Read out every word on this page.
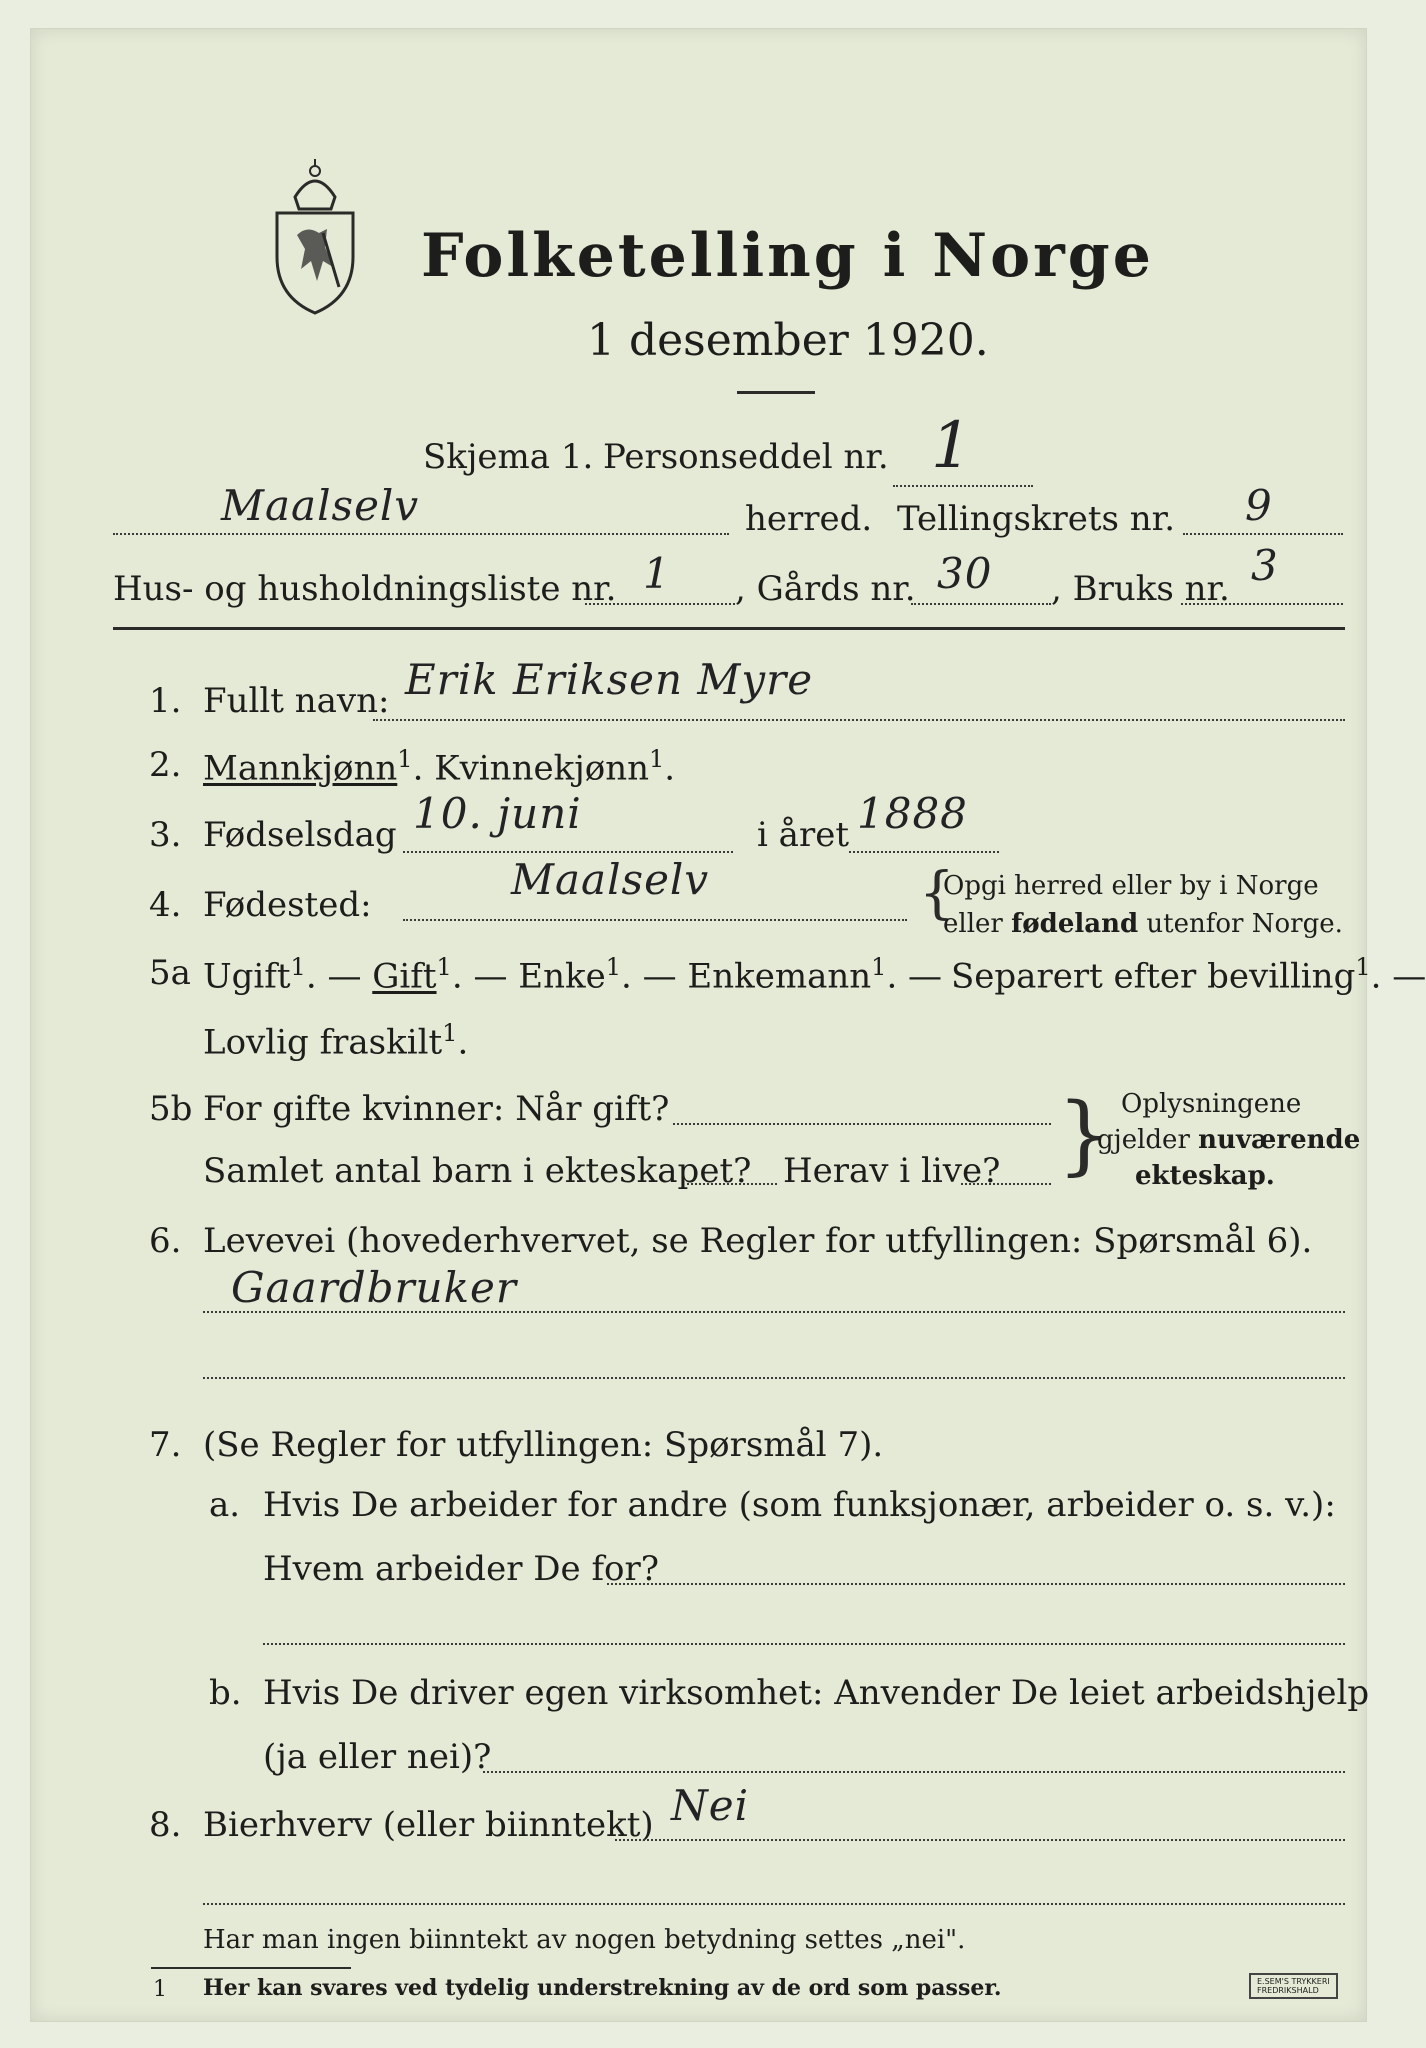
Folketelling i Norge
1 desember 1920.
Skjema 1. Personseddel nr. 1
Maalselv	herred. Tellingskrets nr. 9
Hus- og husholdningsliste nr. 1 , Gårds nr. 30 , Bruks nr. 3
1. Fullt navn: Erik Eriksen Myre
2. Mannkjønn$^1$. Kvinnekjønn$^1$.
3. Fødselsdag 10. juni	i året 1888
4. Fødested:
Maalselv	{
Opgi herred eller by i Norge
eller fødeland utenfor Norge.
5a Ugift$^1$. — Gift$^1$. — Enke$^1$. — Enkemann$^1$. — Separert efter bevilling$^1$. —
Lovlig fraskilt$^1$.
5b For gifte kvinner: Når gift?
Samlet antal barn i ekteskapet? Herav i live? } Oplysningene
gjelder nuværende
ekteskap.
6. Levevei (hovederhvervet, se Regler for utfyllingen: Spørsmål 6).
Gaardbruker
7. (Se Regler for utfyllingen: Spørsmål 7).
a. Hvis De arbeider for andre (som funksjonær, arbeider o. s. v.):
Hvem arbeider De for?
b. Hvis De driver egen virksomhet: Anvender De leiet arbeidshjelp
(ja eller nei)?
8. Bierhverv (eller biinntekt) Nei
Har man ingen biinntekt av nogen betydning settes „nei".
1 Her kan svares ved tydelig understrekning av de ord som passer.	E.SEM'S TRYKKERI
FREDRIKSHALD
